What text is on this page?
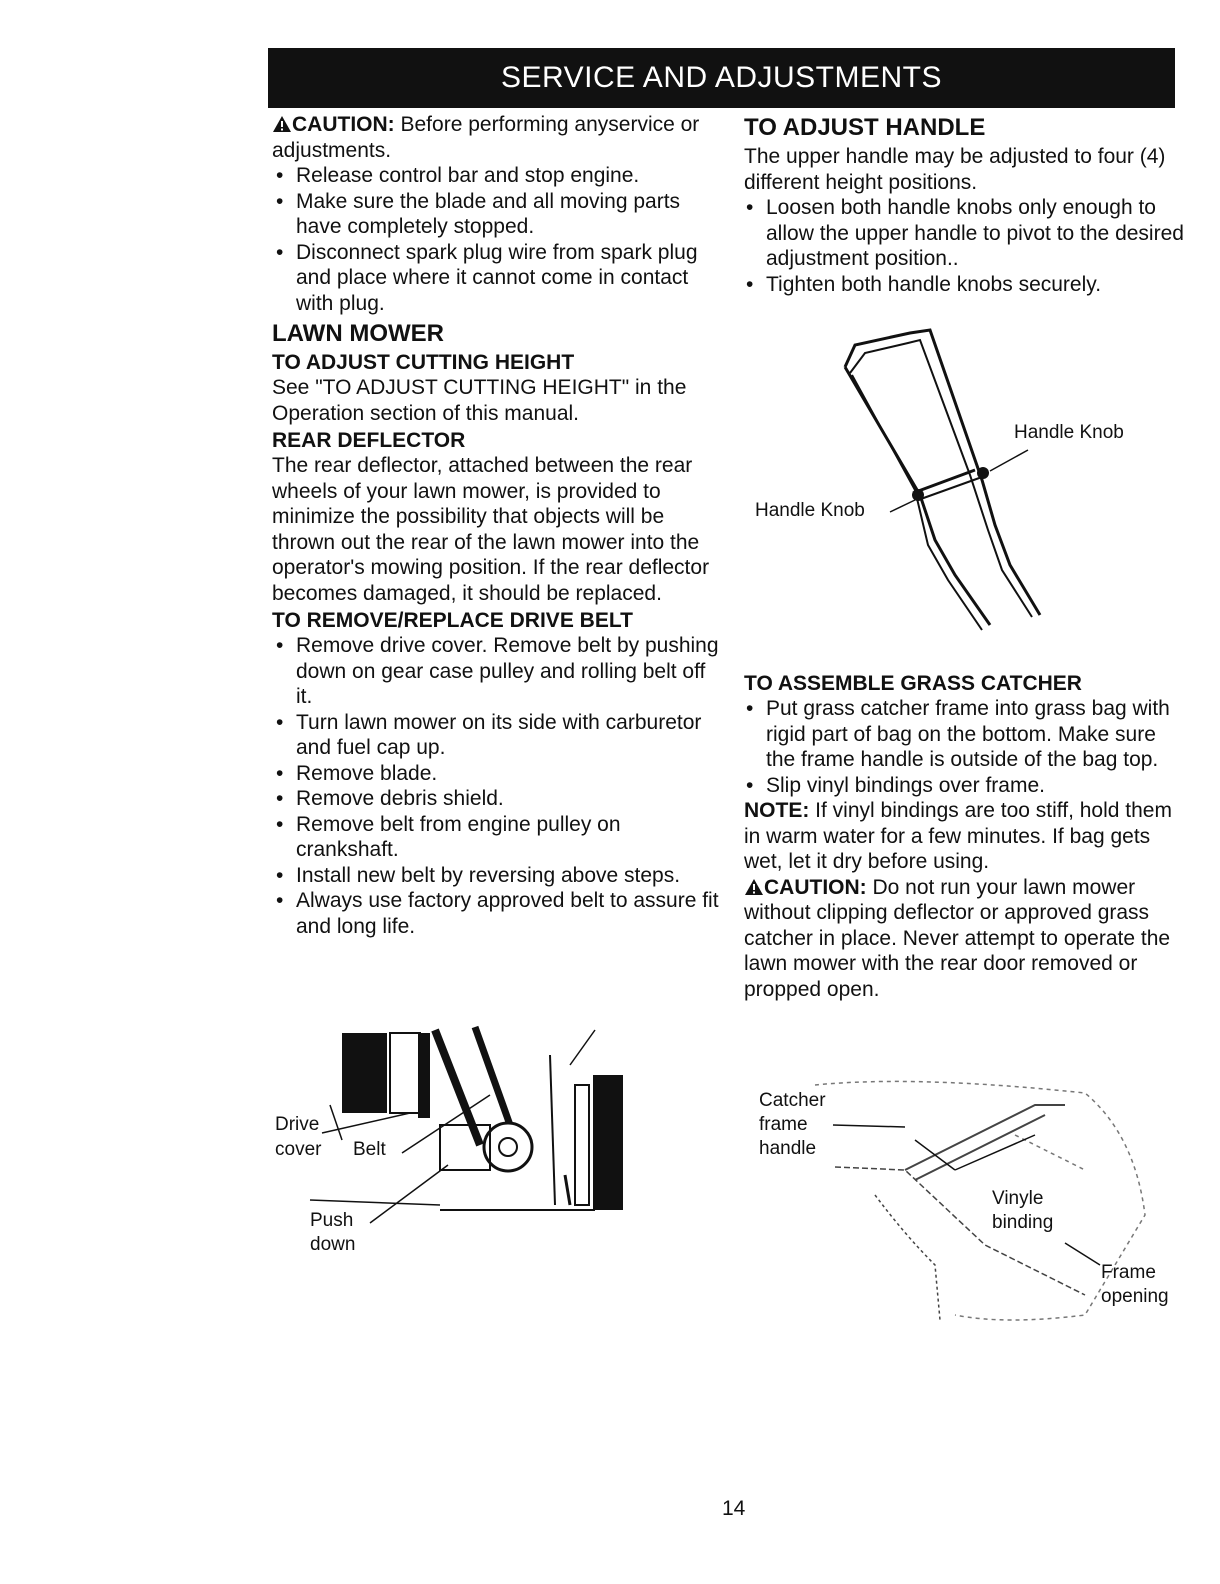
SERVICE AND ADJUSTMENTS

CAUTION: Before performing anyservice or adjustments.

• Release control bar and stop engine.
• Make sure the blade and all moving parts have completely stopped.
• Disconnect spark plug wire from spark plug and place where it cannot come in contact with plug.
LAWN MOWER
TO ADJUST CUTTING HEIGHT

See "TO ADJUST CUTTING HEIGHT" in the Operation section of this manual.

REAR DEFLECTOR

The rear deflector, attached between the rear wheels of your lawn mower, is provided to minimize the possibility that objects will be thrown out the rear of the lawn mower into the operator's mowing position. If the rear deflector becomes damaged, it should be replaced.

TO REMOVE/REPLACE DRIVE BELT
• Remove drive cover. Remove belt by pushing down on gear case pulley and rolling belt off it.
• Turn lawn mower on its side with carburetor and fuel cap up.
• Remove blade.
• Remove debris shield.
• Remove belt from engine pulley on crankshaft.
• Install new belt by reversing above steps.
• Always use factory approved belt to assure fit and long life.
Drive
cover Belt
Push
down
TO ADJUST HANDLE

The upper handle may be adjusted to four (4) different height positions.

• Loosen both handle knobs only enough to allow the upper handle to pivot to the desired adjustment position..
• Tighten both handle knobs securely.
TO ASSEMBLE GRASS CATCHER
• Put grass catcher frame into grass bag with rigid part of bag on the bottom. Make sure the frame handle is outside of the bag top.
• Slip vinyl bindings over frame.

NOTE: If vinyl bindings are too stiff, hold them in warm water for a few minutes. If bag gets wet, let it dry before using.

CAUTION: Do not run your lawn mower without clipping deflector or approved grass catcher in place. Never attempt to operate the lawn mower with the rear door removed or propped open.

Handle Knob
Handle Knob
Catcher
frame
handle
Vinyle
binding
Frame
opening
14
